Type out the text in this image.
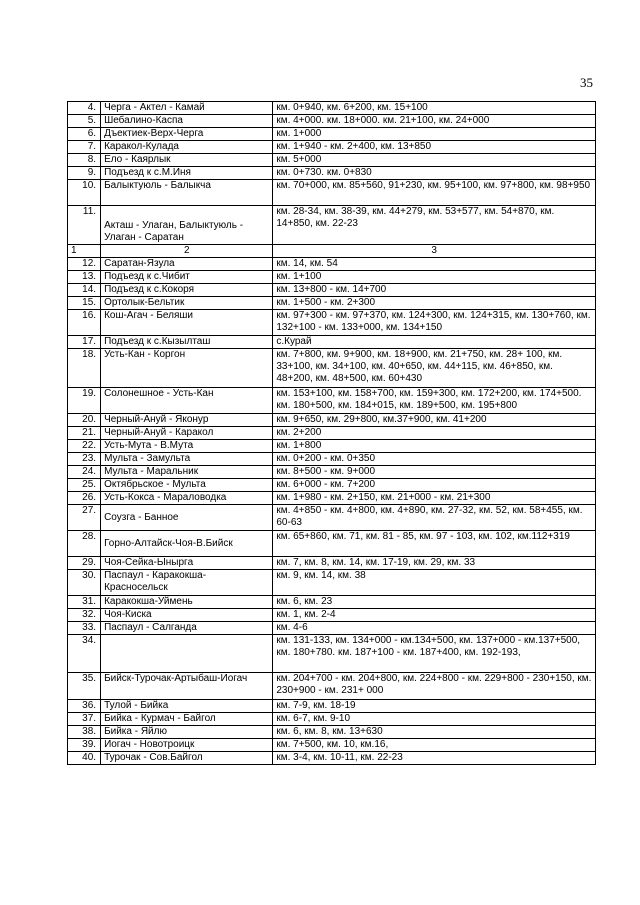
35
4.	Черга - Актел - Камай	км. 0+940, км. 6+200, км. 15+100
5.	Шебалино-Каспа	км. 4+000. км. 18+000. км. 21+100, км. 24+000
6.	Дъектиек-Верх-Черга	км. 1+000
7.	Каракол-Кулада	км. 1+940 - км. 2+400, км. 13+850
8.	Ело - Каярлык	км. 5+000
9.	Подъезд к с.М.Иня	км. 0+730. км. 0+830
10.	Балыктуюль - Балыкча	км. 70+000, км. 85+560, 91+230, км. 95+100, км. 97+800, км. 98+950
11.	Акташ - Улаган, Балыктуюль - Улаган - Саратан	км. 28-34, км. 38-39, км. 44+279, км. 53+577, км. 54+870, км. 14+850, км. 22-23
1	2	3
12.	Саратан-Язула	км. 14, км. 54
13.	Подъезд к с.Чибит	км. 1+100
14.	Подъезд к с.Кокоря	км. 13+800 - км. 14+700
15.	Ортолык-Бельтик	км. 1+500 - км. 2+300
16.	Кош-Агач - Беляши	км. 97+300 - км. 97+370, км. 124+300, км. 124+315, км. 130+760, км. 132+100 - км. 133+000, км. 134+150
17.	Подъезд к с.Кызылташ	с.Курай
18.	Усть-Кан - Коргон	км. 7+800, км. 9+900, км. 18+900, км. 21+750, км. 28+ 100, км. 33+100, км. 34+100, км. 40+650, км. 44+115, км. 46+850, км. 48+200, км. 48+500, км. 60+430
19.	Солонешное - Усть-Кан	км. 153+100, км. 158+700, км. 159+300, км. 172+200, км. 174+500. км. 180+500, км. 184+015, км. 189+500, км. 195+800
20.	Черный-Ануй - Яконур	км. 9+650, км. 29+800, км.37+900, км. 41+200
21.	Черный-Ануй - Каракол	км. 2+200
22.	Усть-Мута - В.Мута	км. 1+800
23.	Мульта - Замульта	км. 0+200 - км. 0+350
24.	Мульта - Маральник	км. 8+500 - км. 9+000
25.	Октябрьское - Мульта	км. 6+000 - км. 7+200
26.	Усть-Кокса - Мараловодка	км. 1+980 - км. 2+150, км. 21+000 - км. 21+300
27.	Соузга - Банное	км. 4+850 - км. 4+800, км. 4+890, км. 27-32, км. 52, км. 58+455, км. 60-63
28.	Горно-Алтайск-Чоя-В.Бийск	км. 65+860, км. 71, км. 81 - 85, км. 97 - 103, км. 102, км.112+319
29.	Чоя-Сейка-Ыныргa	км. 7, км. 8, км. 14, км. 17-19, км. 29, км. 33
30.	Паспаул - Каракокша-Красносельск	км. 9, км. 14, км. 38
31.	Каракокша-Уймень	км. 6, км. 23
32.	Чоя-Киска	км. 1, км. 2-4
33.	Паспаул - Салганда	км. 4-6
34.		км. 131-133, км. 134+000 - км.134+500, км. 137+000 - км.137+500, км. 180+780. км. 187+100 - км. 187+400, км. 192-193,
35.	Бийск-Турочак-Артыбаш-Иогач	км. 204+700 - км. 204+800, км. 224+800 - км. 229+800 - 230+150, км. 230+900 - км. 231+ 000
36.	Тулой - Бийка	км. 7-9, км. 18-19
37.	Бийка - Курмач - Байгол	км. 6-7, км. 9-10
38.	Бийка - Яйлю	км. 6, км. 8, км. 13+630
39.	Иогач - Новотроицк	км. 7+500, км. 10, км.16,
40.	Турочак - Сов.Байгол	км. 3-4, км. 10-11, км. 22-23
